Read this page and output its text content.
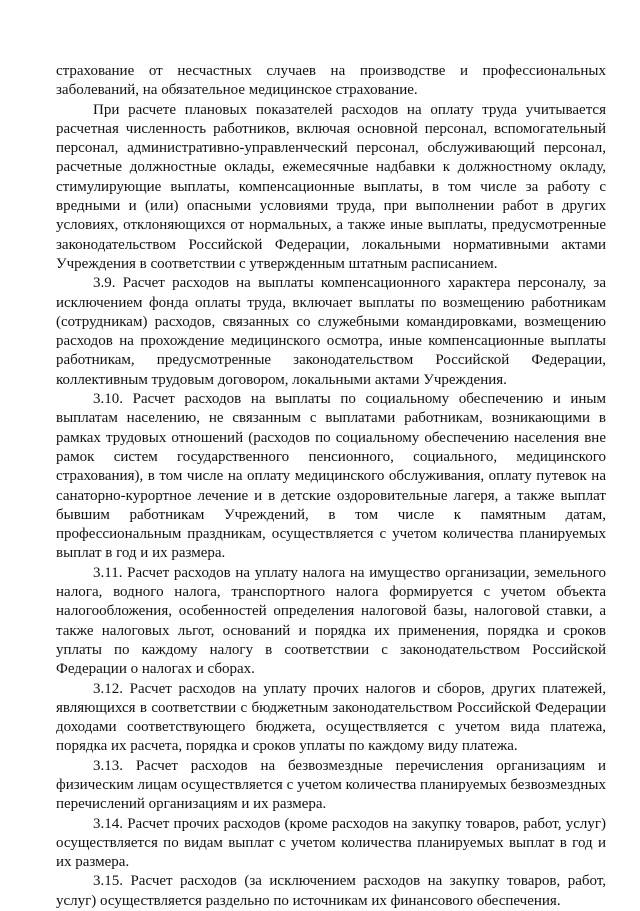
страхование от несчастных случаев на производстве и профессиональных заболеваний, на обязательное медицинское страхование.

При расчете плановых показателей расходов на оплату труда учитывается расчетная численность работников, включая основной персонал, вспомогательный персонал, административно-управленческий персонал, обслуживающий персонал, расчетные должностные оклады, ежемесячные надбавки к должностному окладу, стимулирующие выплаты, компенсационные выплаты, в том числе за работу с вредными и (или) опасными условиями труда, при выполнении работ в других условиях, отклоняющихся от нормальных, а также иные выплаты, предусмотренные законодательством Российской Федерации, локальными нормативными актами Учреждения в соответствии с утвержденным штатным расписанием.

3.9. Расчет расходов на выплаты компенсационного характера персоналу, за исключением фонда оплаты труда, включает выплаты по возмещению работникам (сотрудникам) расходов, связанных со служебными командировками, возмещению расходов на прохождение медицинского осмотра, иные компенсационные выплаты работникам, предусмотренные законодательством Российской Федерации, коллективным трудовым договором, локальными актами Учреждения.

3.10. Расчет расходов на выплаты по социальному обеспечению и иным выплатам населению, не связанным с выплатами работникам, возникающими в рамках трудовых отношений (расходов по социальному обеспечению населения вне рамок систем государственного пенсионного, социального, медицинского страхования), в том числе на оплату медицинского обслуживания, оплату путевок на санаторно-курортное лечение и в детские оздоровительные лагеря, а также выплат бывшим работникам Учреждений, в том числе к памятным датам, профессиональным праздникам, осуществляется с учетом количества планируемых выплат в год и их размера.

3.11. Расчет расходов на уплату налога на имущество организации, земельного налога, водного налога, транспортного налога формируется с учетом объекта налогообложения, особенностей определения налоговой базы, налоговой ставки, а также налоговых льгот, оснований и порядка их применения, порядка и сроков уплаты по каждому налогу в соответствии с законодательством Российской Федерации о налогах и сборах.

3.12. Расчет расходов на уплату прочих налогов и сборов, других платежей, являющихся в соответствии с бюджетным законодательством Российской Федерации доходами соответствующего бюджета, осуществляется с учетом вида платежа, порядка их расчета, порядка и сроков уплаты по каждому виду платежа.

3.13. Расчет расходов на безвозмездные перечисления организациям и физическим лицам осуществляется с учетом количества планируемых безвозмездных перечислений организациям и их размера.

3.14. Расчет прочих расходов (кроме расходов на закупку товаров, работ, услуг) осуществляется по видам выплат с учетом количества планируемых выплат в год и их размера.

3.15. Расчет расходов (за исключением расходов на закупку товаров, работ, услуг) осуществляется раздельно по источникам их финансового обеспечения.
